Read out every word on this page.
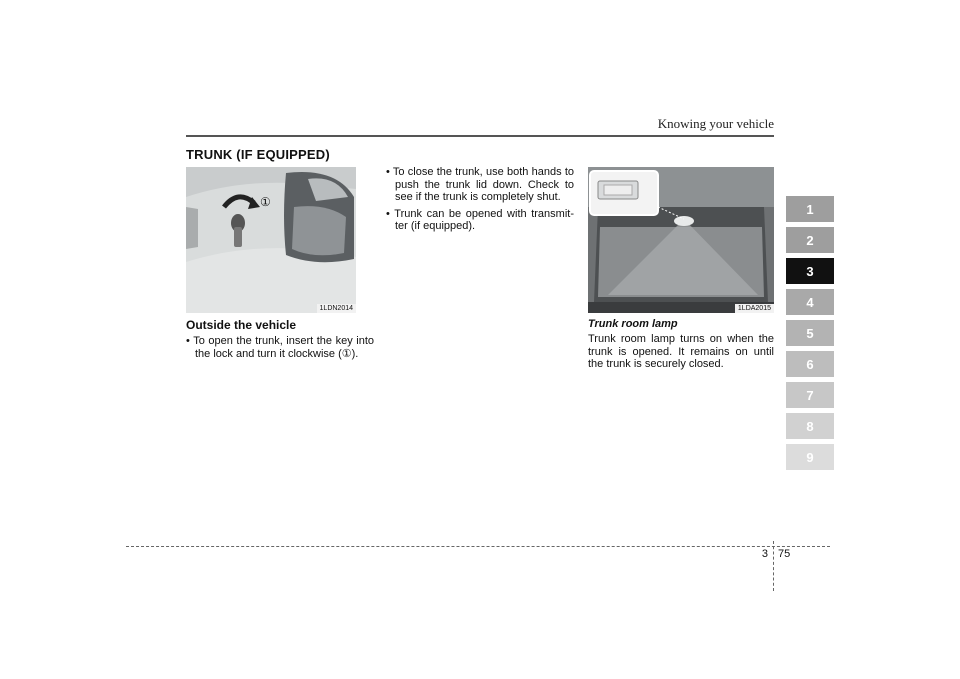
Knowing your vehicle
TRUNK (IF EQUIPPED)
①
1LDN2014
Outside the vehicle

• To open the trunk, insert the key into the lock and turn it clockwise (①).

• To close the trunk, use both hands to push the trunk lid down. Check to see if the trunk is completely shut.

• Trunk can be opened with transmit-ter (if equipped).

1LDA2015
Trunk room lamp
Trunk room lamp turns on when the trunk is opened. It remains on until the trunk is securely closed.
1
2
3
4
5
6
7
8
9
3 75
